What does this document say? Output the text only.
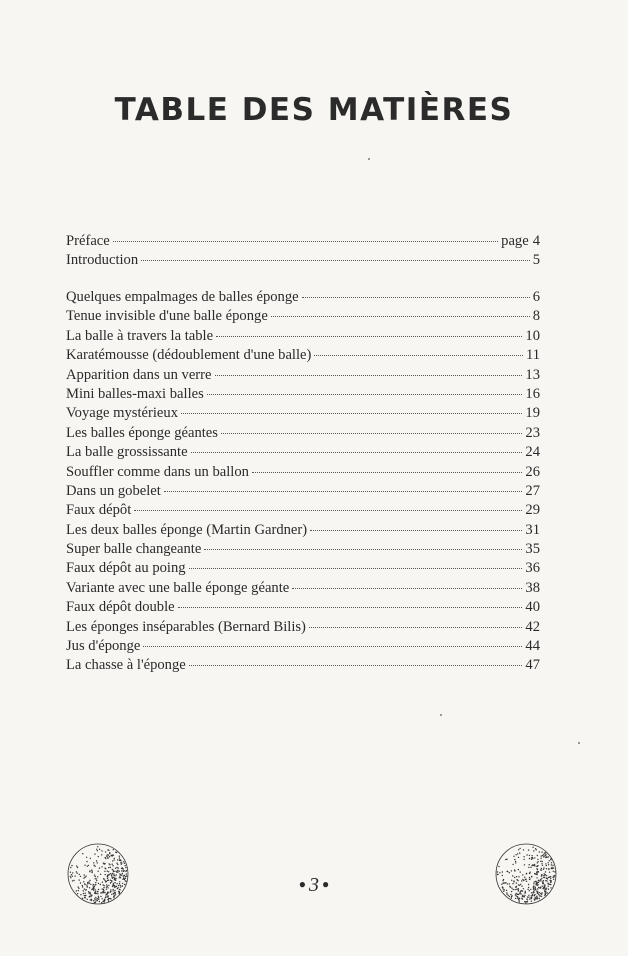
TABLE DES MATIÈRES
Préface	page 4
Introduction	5
Quelques empalmages de balles éponge	6
Tenue invisible d'une balle éponge	8
La balle à travers la table	10
Karatémousse (dédoublement d'une balle)	11
Apparition dans un verre	13
Mini balles-maxi balles	16
Voyage mystérieux	19
Les balles éponge géantes	23
La balle grossissante	24
Souffler comme dans un ballon	26
Dans un gobelet	27
Faux dépôt	29
Les deux balles éponge (Martin Gardner)	31
Super balle changeante	35
Faux dépôt au poing	36
Variante avec une balle éponge géante	38
Faux dépôt double	40
Les éponges inséparables (Bernard Bilis)	42
Jus d'éponge	44
La chasse à l'éponge	47
● 3 ●
